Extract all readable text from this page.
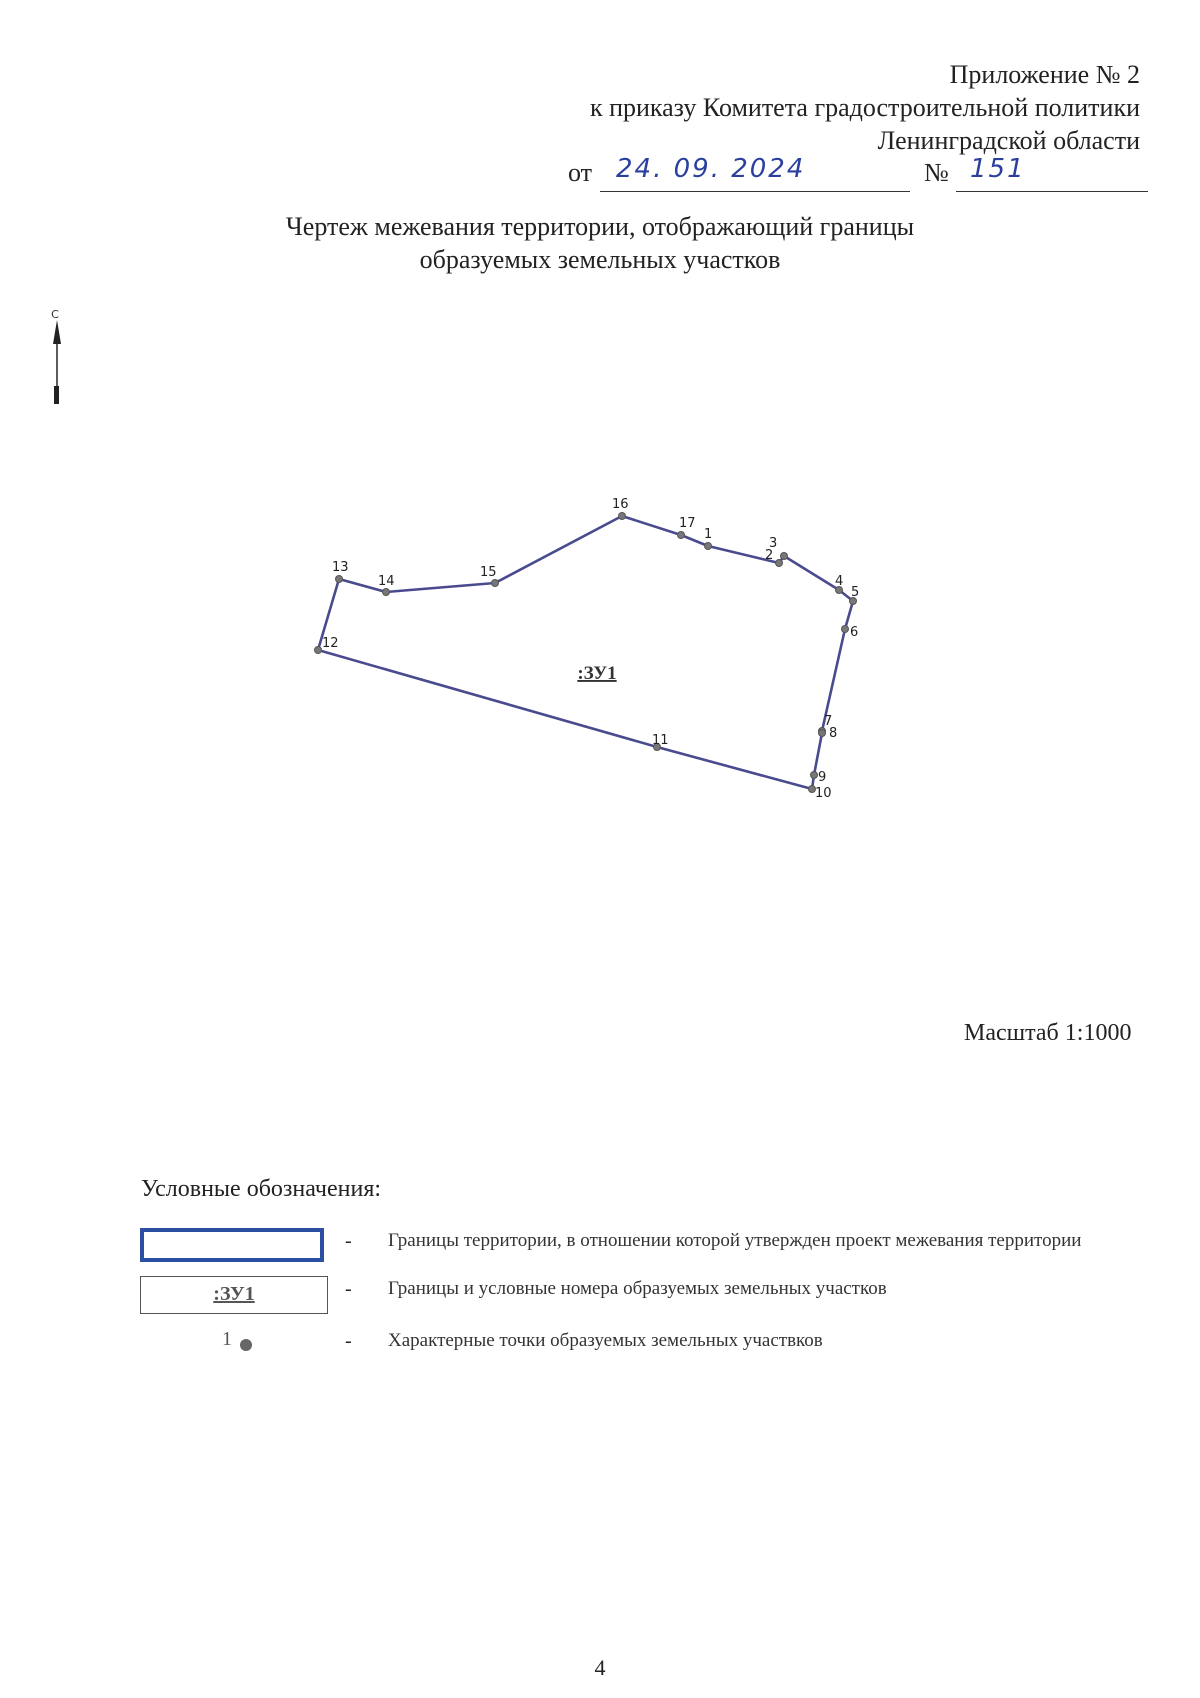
Приложение № 2
к приказу Комитета градостроительной политики
Ленинградской области
от 24. 09. 2024	№ 151
Чертеж межевания территории, отображающий границы
образуемых земельных участков
С
1
2
3
4
5
6
7
8
9
10
11
12
13
14
15
16
17
:ЗУ1
Масштаб 1:1000
Условные обозначения:
- Границы территории, в отношении которой утвержден проект межевания территории
:ЗУ1	- Границы и условные номера образуемых земельных участков
1	- Характерные точки образуемых земельных участвков
4
